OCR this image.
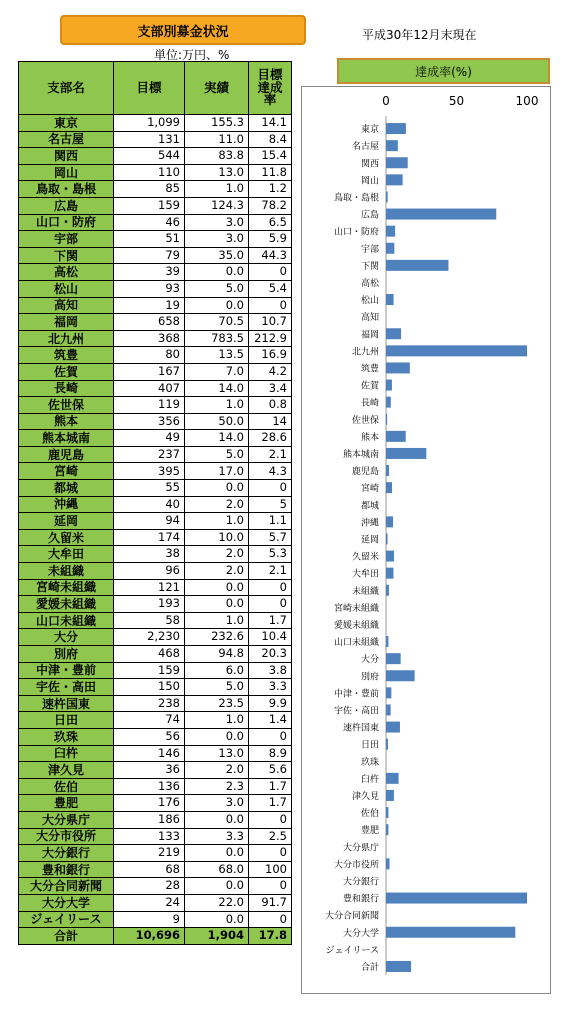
支部別募金状況	平成30年12月末現在
単位:万円、%
支部名	目標	実績	目標
達成
率
東京	1,099	155.3	14.1
名古屋	131	11.0	8.4
関西	544	83.8	15.4
岡山	110	13.0	11.8
鳥取・島根	85	1.0	1.2
広島	159	124.3	78.2
山口・防府	46	3.0	6.5
宇部	51	3.0	5.9
下関	79	35.0	44.3
高松	39	0.0	0
松山	93	5.0	5.4
高知	19	0.0	0
福岡	658	70.5	10.7
北九州	368	783.5	212.9
筑豊	80	13.5	16.9
佐賀	167	7.0	4.2
長崎	407	14.0	3.4
佐世保	119	1.0	0.8
熊本	356	50.0	14
熊本城南	49	14.0	28.6
鹿児島	237	5.0	2.1
宮崎	395	17.0	4.3
都城	55	0.0	0
沖縄	40	2.0	5
延岡	94	1.0	1.1
久留米	174	10.0	5.7
大牟田	38	2.0	5.3
未組織	96	2.0	2.1
宮崎未組織	121	0.0	0
愛媛未組織	193	0.0	0
山口未組織	58	1.0	1.7
大分	2,230	232.6	10.4
別府	468	94.8	20.3
中津・豊前	159	6.0	3.8
宇佐・高田	150	5.0	3.3
速杵国東	238	23.5	9.9
日田	74	1.0	1.4
玖珠	56	0.0	0
臼杵	146	13.0	8.9
津久見	36	2.0	5.6
佐伯	136	2.3	1.7
豊肥	176	3.0	1.7
大分県庁	186	0.0	0
大分市役所	133	3.3	2.5
大分銀行	219	0.0	0
豊和銀行	68	68.0	100
大分合同新聞	28	0.0	0
大分大学	24	22.0	91.7
ジェイリース	9	0.0	0
合計	10,696	1,904	17.8
達成率(%)
0	50	100
東京
名古屋
関西
岡山
鳥取・島根
広島
山口・防府
宇部
下関
高松
松山
高知
福岡
北九州
筑豊
佐賀
長崎
佐世保
熊本
熊本城南
鹿児島
宮崎
都城
沖縄
延岡
久留米
大牟田
未組織
宮崎未組織
愛媛未組織
山口未組織
大分
別府
中津・豊前
宇佐・高田
速杵国東
日田
玖珠
臼杵
津久見
佐伯
豊肥
大分県庁
大分市役所
大分銀行
豊和銀行
大分合同新聞
大分大学
ジェイリース
合計
